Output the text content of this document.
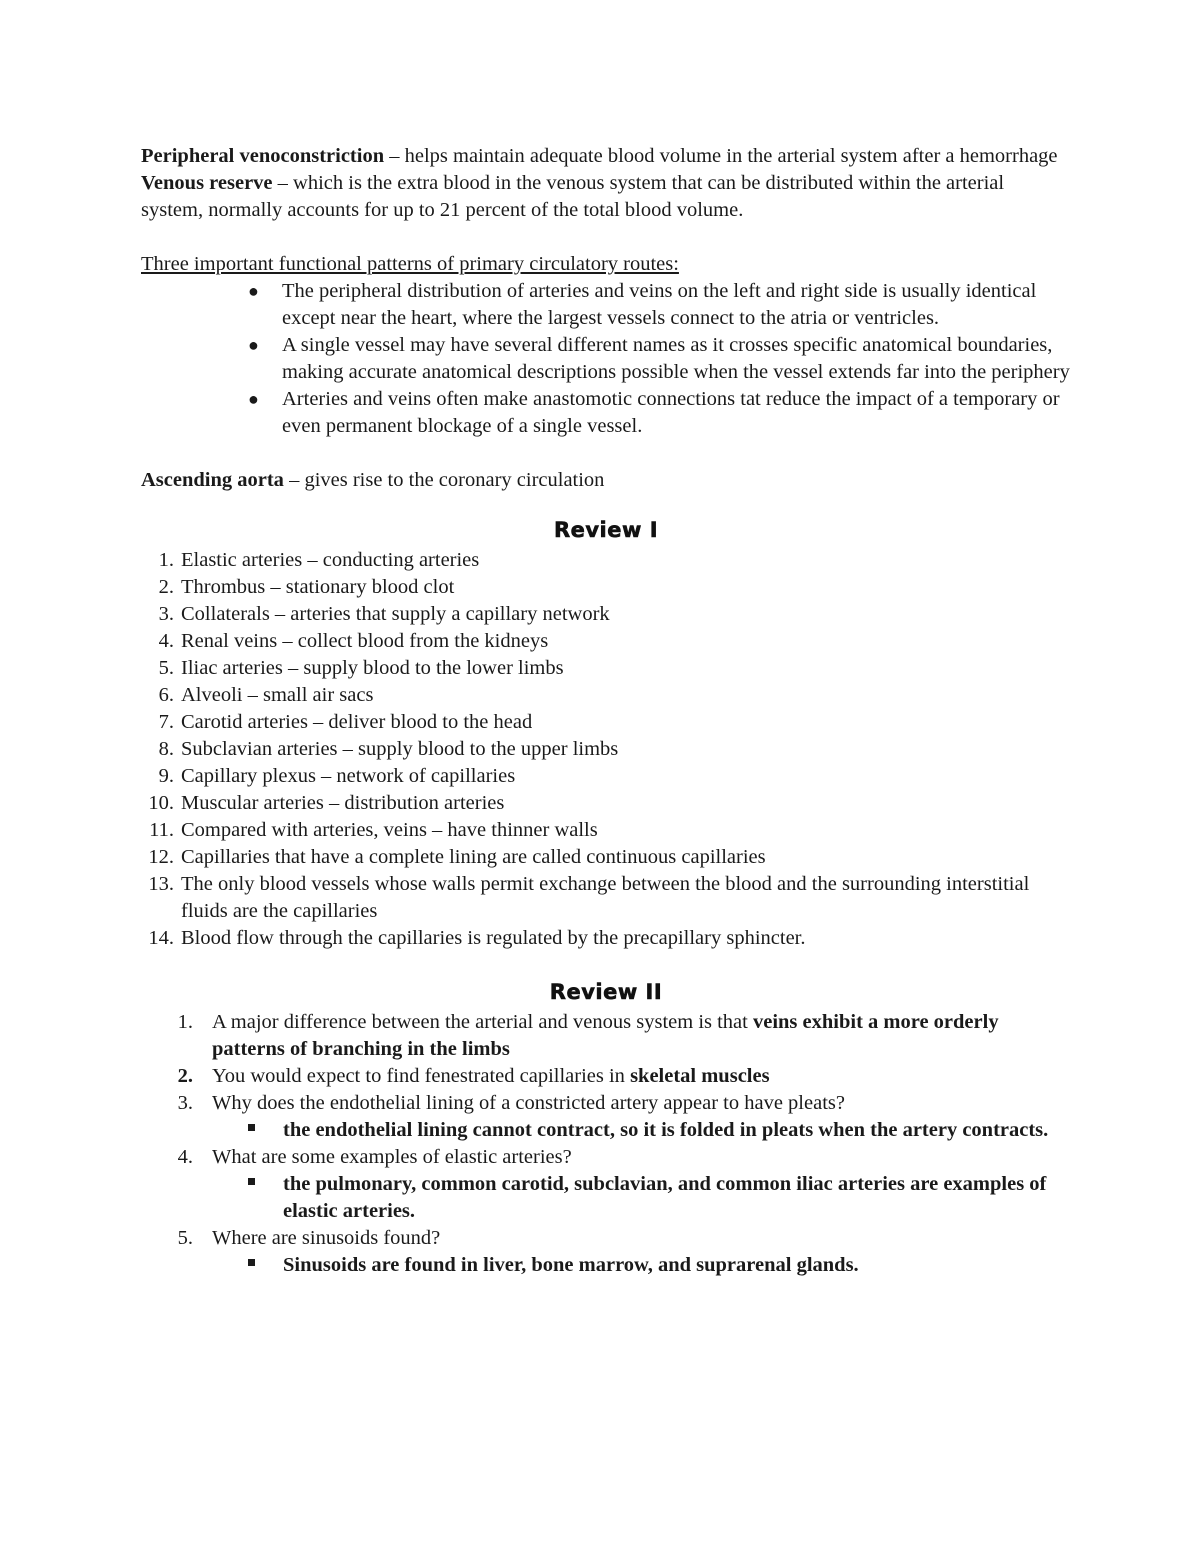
Peripheral venoconstriction – helps maintain adequate blood volume in the arterial system after a hemorrhage

Venous reserve – which is the extra blood in the venous system that can be distributed within the arterial system, normally accounts for up to 21 percent of the total blood volume.

Three important functional patterns of primary circulatory routes:

● The peripheral distribution of arteries and veins on the left and right side is usually identical except near the heart, where the largest vessels connect to the atria or ventricles.
● A single vessel may have several different names as it crosses specific anatomical boundaries, making accurate anatomical descriptions possible when the vessel extends far into the periphery
● Arteries and veins often make anastomotic connections tat reduce the impact of a temporary or even permanent blockage of a single vessel.

Ascending aorta – gives rise to the coronary circulation

Review I
1. Elastic arteries – conducting arteries
2. Thrombus – stationary blood clot
3. Collaterals – arteries that supply a capillary network
4. Renal veins – collect blood from the kidneys
5. Iliac arteries – supply blood to the lower limbs
6. Alveoli – small air sacs
7. Carotid arteries – deliver blood to the head
8. Subclavian arteries – supply blood to the upper limbs
9. Capillary plexus – network of capillaries
10. Muscular arteries – distribution arteries
11. Compared with arteries, veins – have thinner walls
12. Capillaries that have a complete lining are called continuous capillaries
13. The only blood vessels whose walls permit exchange between the blood and the surrounding interstitial fluids are the capillaries
14. Blood flow through the capillaries is regulated by the precapillary sphincter.
Review II
1. A major difference between the arterial and venous system is that veins exhibit a more orderly patterns of branching in the limbs
2. You would expect to find fenestrated capillaries in skeletal muscles
3. Why does the endothelial lining of a constricted artery appear to have pleats?
the endothelial lining cannot contract, so it is folded in pleats when the artery contracts.
4. What are some examples of elastic arteries?
the pulmonary, common carotid, subclavian, and common iliac arteries are examples of elastic arteries.
5. Where are sinusoids found?
Sinusoids are found in liver, bone marrow, and suprarenal glands.
